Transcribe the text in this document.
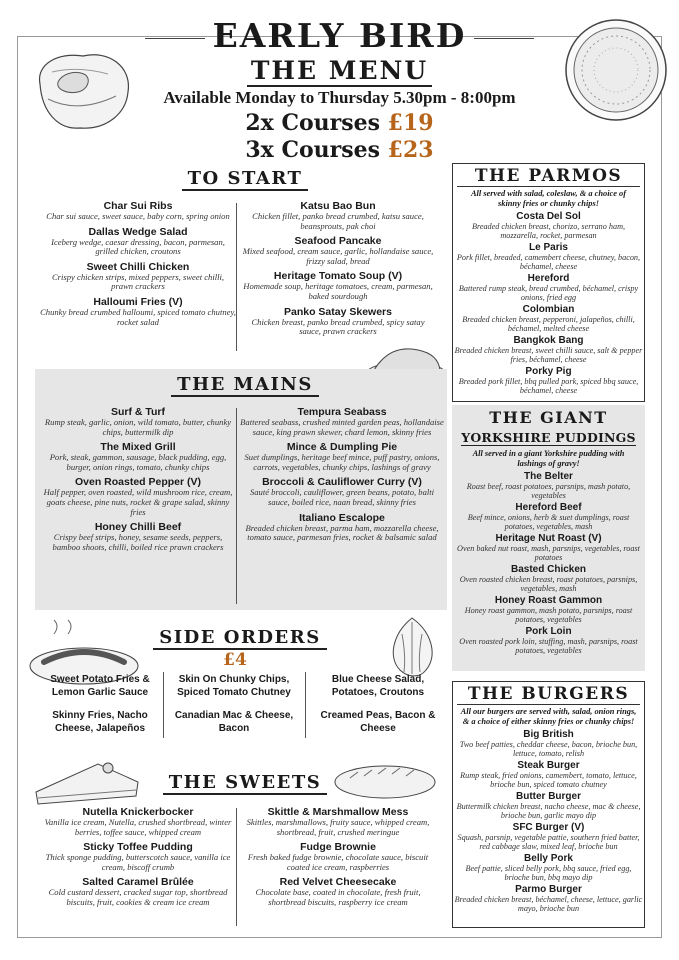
EARLY BIRD
THE MENU
Available Monday to Thursday 5.30pm - 8:00pm
2x Courses £19
3x Courses £23
TO START
Char Sui Ribs
Char sui sauce, sweet sauce, baby corn, spring onion
Dallas Wedge Salad
Iceberg wedge, caesar dressing, bacon, parmesan, grilled chicken, croutons
Sweet Chilli Chicken
Crispy chicken strips, mixed peppers, sweet chilli, prawn crackers
Halloumi Fries (V)
Chunky bread crumbed halloumi, spiced tomato chutney, rocket salad
Katsu Bao Bun
Chicken fillet, panko bread crumbed, katsu sauce, beansprouts, pak choi
Seafood Pancake
Mixed seafood, cream sauce, garlic, hollandaise sauce, frizzy salad, bread
Heritage Tomato Soup (V)
Homemade soup, heritage tomatoes, cream, parmesan, baked sourdough
Panko Satay Skewers
Chicken breast, panko bread crumbed, spicy satay sauce, prawn crackers
THE MAINS
Surf & Turf
Rump steak, garlic, onion, wild tomato, butter, chunky chips, buttermilk dip
The Mixed Grill
Pork, steak, gammon, sausage, black pudding, egg, burger, onion rings, tomato, chunky chips
Oven Roasted Pepper (V)
Half pepper, oven roasted, wild mushroom rice, cream, goats cheese, pine nuts, rocket & grape salad, skinny fries
Honey Chilli Beef
Crispy beef strips, honey, sesame seeds, peppers, bamboo shoots, chilli, boiled rice prawn crackers
Tempura Seabass
Battered seabass, crushed minted garden peas, hollandaise sauce, king prawn skewer, chard lemon, skinny fries
Mince & Dumpling Pie
Suet dumplings, heritage beef mince, puff pastry, onions, carrots, vegetables, chunky chips, lashings of gravy
Broccoli & Cauliflower Curry (V)
Sauté broccoli, cauliflower, green beans, potato, balti sauce, boiled rice, naan bread, skinny fries
Italiano Escalope
Breaded chicken breast, parma ham, mozzarella cheese, tomato sauce, parmesan fries, rocket & balsamic salad
SIDE ORDERS
£4
Sweet Potato Fries & Lemon Garlic Sauce
Skin On Chunky Chips, Spiced Tomato Chutney
Blue Cheese Salad, Potatoes, Croutons
Skinny Fries, Nacho Cheese, Jalapeños
Canadian Mac & Cheese, Bacon
Creamed Peas, Bacon & Cheese
THE SWEETS
Nutella Knickerbocker
Vanilla ice cream, Nutella, crushed shortbread, winter berries, toffee sauce, whipped cream
Sticky Toffee Pudding
Thick sponge pudding, butterscotch sauce, vanilla ice cream, biscoff crumb
Salted Caramel Brûlée
Cold custard dessert, cracked sugar top, shortbread biscuits, fruit, cookies & cream ice cream
Skittle & Marshmallow Mess
Skittles, marshmallows, fruity sauce, whipped cream, shortbread, fruit, crushed meringue
Fudge Brownie
Fresh baked fudge brownie, chocolate sauce, biscuit coated ice cream, raspberries
Red Velvet Cheesecake
Chocolate base, coated in chocolate, fresh fruit, shortbread biscuits, raspberry ice cream
THE PARMOS
All served with salad, coleslaw, & a choice of skinny fries or chunky chips!
Costa Del Sol
Breaded chicken breast, chorizo, serrano ham, mozzarella, rocket, parmesan
Le Paris
Pork fillet, breaded, camembert cheese, chutney, bacon, béchamel, cheese
Hereford
Battered rump steak, bread crumbed, béchamel, crispy onions, fried egg
Colombian
Breaded chicken breast, pepperoni, jalapeños, chilli, béchamel, melted cheese
Bangkok Bang
Breaded chicken breast, sweet chilli sauce, salt & pepper fries, béchamel, cheese
Porky Pig
Breaded pork fillet, bbq pulled pork, spiced bbq sauce, béchamel, cheese
THE GIANT
YORKSHIRE PUDDINGS
All served in a giant Yorkshire pudding with lashings of gravy!
The Belter
Roast beef, roast potatoes, parsnips, mash potato, vegetables
Hereford Beef
Beef mince, onions, herb & suet dumplings, roast potatoes, vegetables, mash
Heritage Nut Roast (V)
Oven baked nut roast, mash, parsnips, vegetables, roast potatoes
Basted Chicken
Oven roasted chicken breast, roast potatoes, parsnips, vegetables, mash
Honey Roast Gammon
Honey roast gammon, mash potato, parsnips, roast potatoes, vegetables
Pork Loin
Oven roasted pork loin, stuffing, mash, parsnips, roast potatoes, vegetables
THE BURGERS
All our burgers are served with, salad, onion rings, & a choice of either skinny fries or chunky chips!
Big British
Two beef patties, cheddar cheese, bacon, brioche bun, lettuce, tomato, relish
Steak Burger
Rump steak, fried onions, camembert, tomato, lettuce, brioche bun, spiced tomato chutney
Butter Burger
Buttermilk chicken breast, nacho cheese, mac & cheese, brioche bun, garlic mayo dip
SFC Burger (V)
Squash, parsnip, vegetable pattie, southern fried batter, red cabbage slaw, mixed leaf, brioche bun
Belly Pork
Beef pattie, sliced belly pork, bbq sauce, fried egg, brioche bun, bbq mayo dip
Parmo Burger
Breaded chicken breast, béchamel, cheese, lettuce, garlic mayo, brioche bun
